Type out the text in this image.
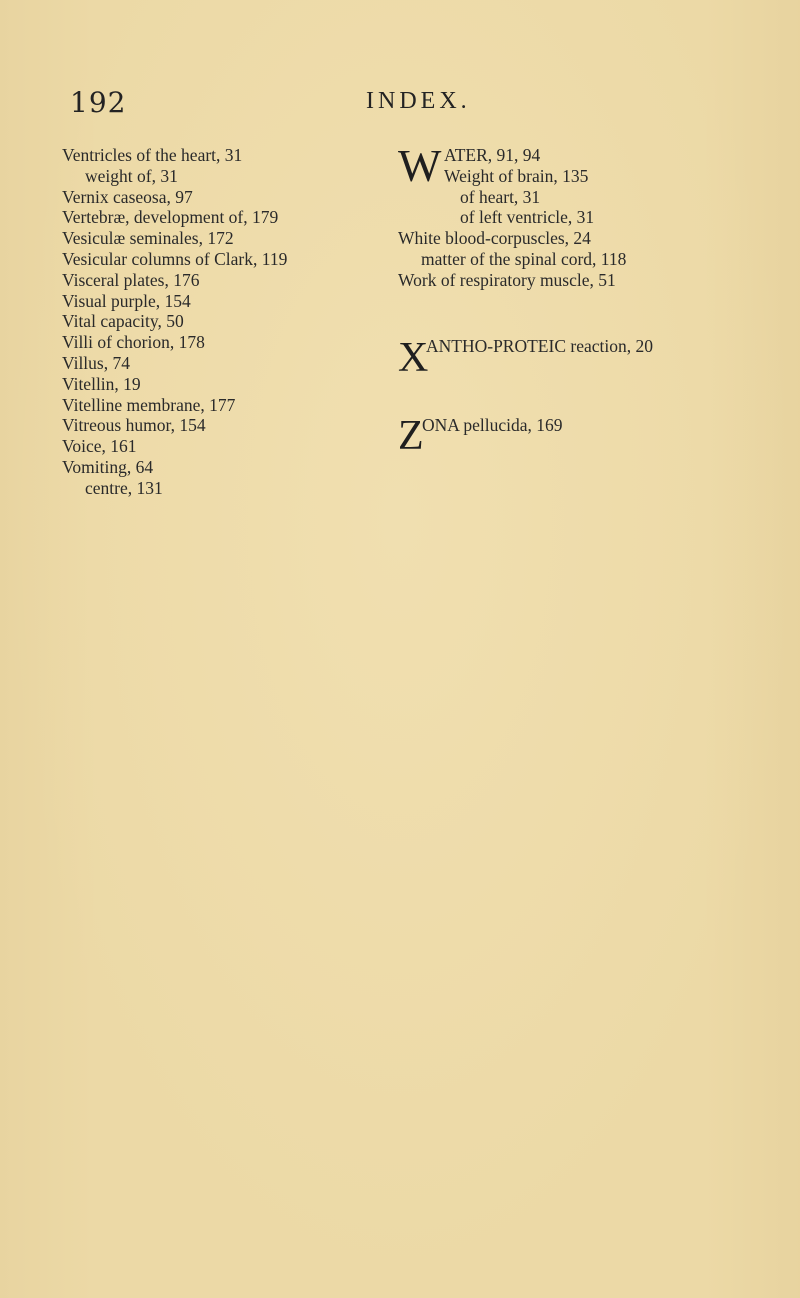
192	INDEX.
Ventricles of the heart, 31
weight of, 31
Vernix caseosa, 97
Vertebræ, development of, 179
Vesiculæ seminales, 172
Vesicular columns of Clark, 119
Visceral plates, 176
Visual purple, 154
Vital capacity, 50
Villi of chorion, 178
Villus, 74
Vitellin, 19
Vitelline membrane, 177
Vitreous humor, 154
Voice, 161
Vomiting, 64
centre, 131
W ATER, 91, 94
Weight of brain, 135
of heart, 31
of left ventricle, 31
White blood-corpuscles, 24
matter of the spinal cord, 118
Work of respiratory muscle, 51
X
ANTHO-PROTEIC reaction, 20
Z
ONA pellucida, 169
